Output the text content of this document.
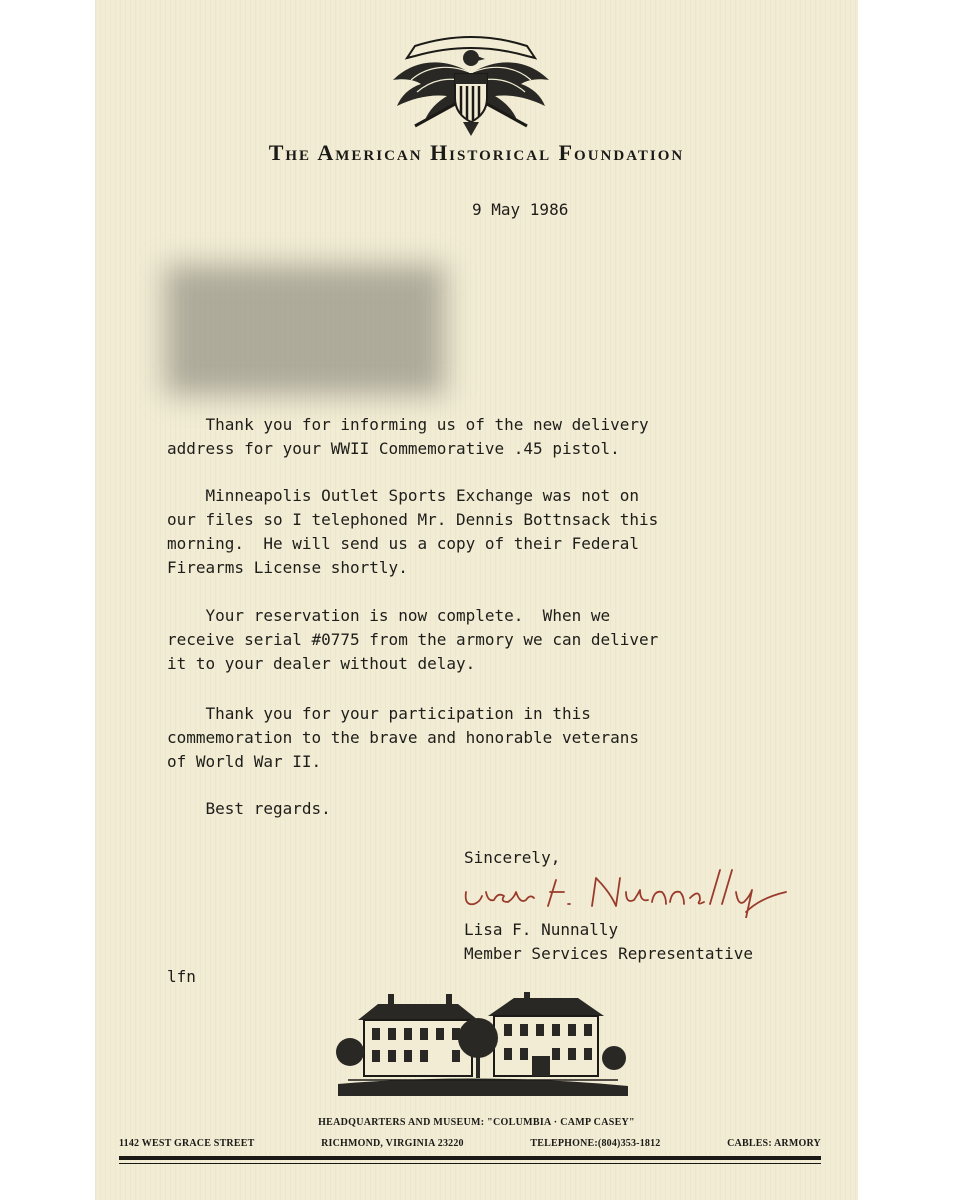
The American Historical Foundation
9 May 1986
Thank you for informing us of the new delivery
address for your WWII Commemorative .45 pistol.
Minneapolis Outlet Sports Exchange was not on
our files so I telephoned Mr. Dennis Bottnsack this
morning.  He will send us a copy of their Federal
Firearms License shortly.
Your reservation is now complete.  When we
receive serial #0775 from the armory we can deliver
it to your dealer without delay.
Thank you for your participation in this
commemoration to the brave and honorable veterans
of World War II.
Best regards.
Sincerely,
Lisa F. Nunnally
Member Services Representative
lfn
HEADQUARTERS AND MUSEUM: "COLUMBIA · CAMP CASEY"
1142 WEST GRACE STREET	RICHMOND, VIRGINIA 23220	TELEPHONE:(804)353-1812	CABLES: ARMORY
